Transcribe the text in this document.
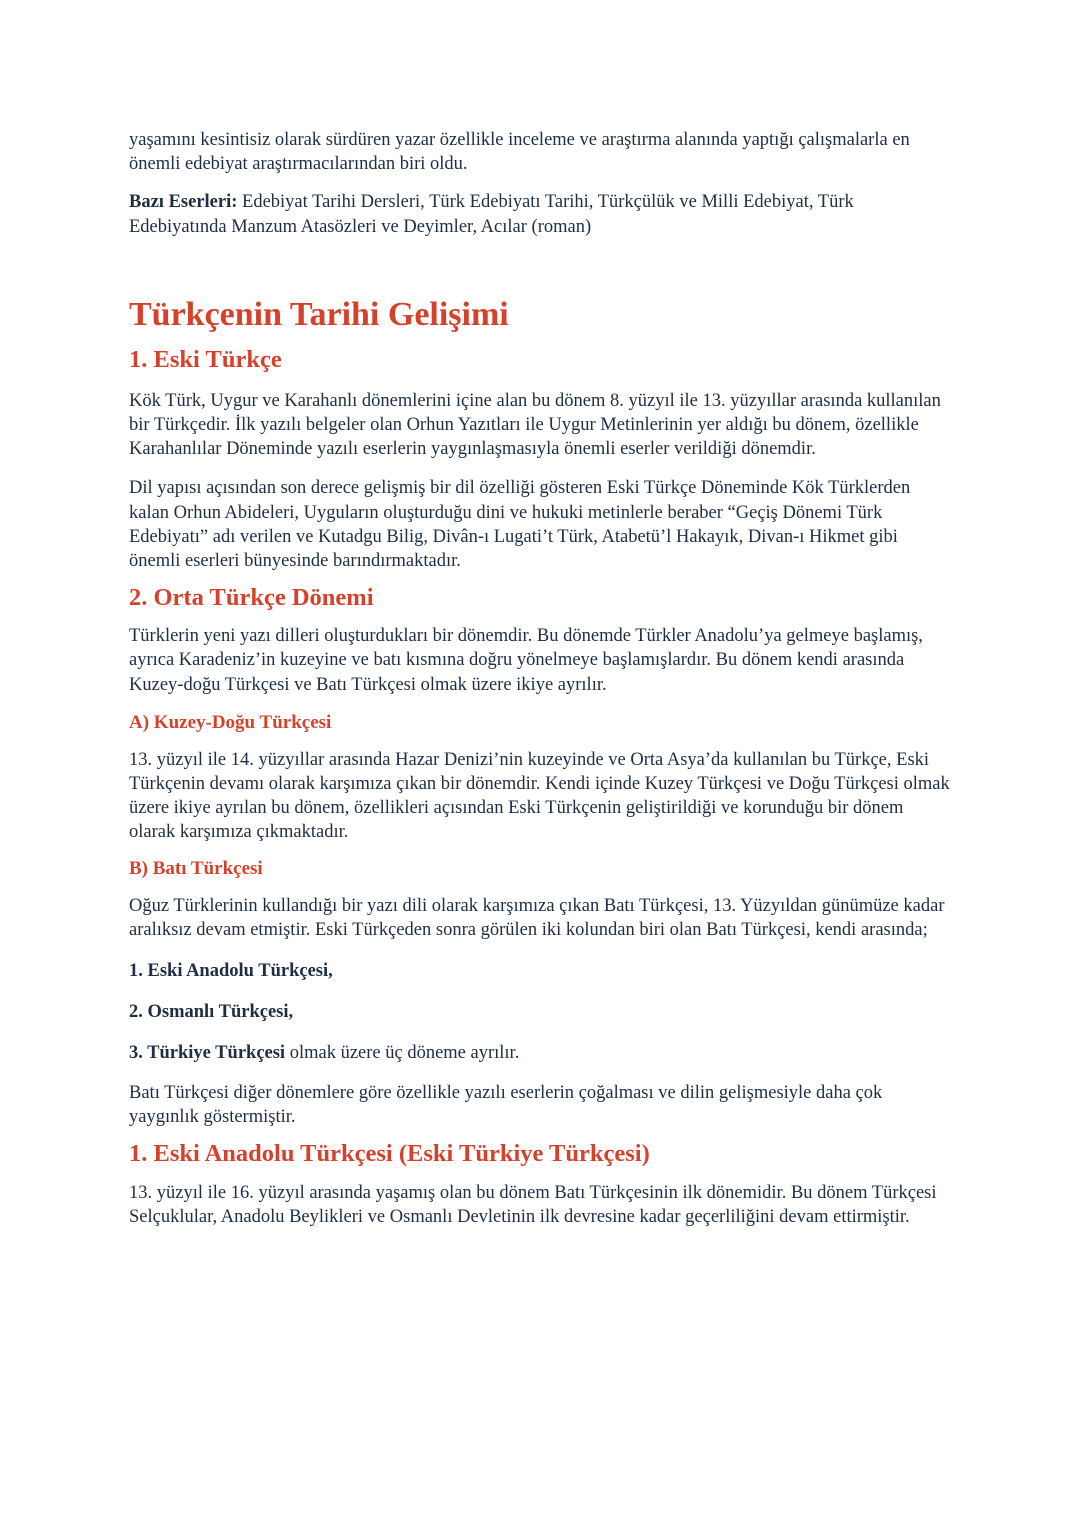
yaşamını kesintisiz olarak sürdüren yazar özellikle inceleme ve araştırma alanında yaptığı çalışmalarla en önemli edebiyat araştırmacılarından biri oldu.

Bazı Eserleri: Edebiyat Tarihi Dersleri, Türk Edebiyatı Tarihi, Türkçülük ve Milli Edebiyat, Türk Edebiyatında Manzum Atasözleri ve Deyimler, Acılar (roman)

Türkçenin Tarihi Gelişimi
1. Eski Türkçe

Kök Türk, Uygur ve Karahanlı dönemlerini içine alan bu dönem 8. yüzyıl ile 13. yüzyıllar arasında kullanılan bir Türkçedir. İlk yazılı belgeler olan Orhun Yazıtları ile Uygur Metinlerinin yer aldığı bu dönem, özellikle Karahanlılar Döneminde yazılı eserlerin yaygınlaşmasıyla önemli eserler verildiği dönemdir.

Dil yapısı açısından son derece gelişmiş bir dil özelliği gösteren Eski Türkçe Döneminde Kök Türklerden kalan Orhun Abideleri, Uyguların oluşturduğu dini ve hukuki metinlerle beraber “Geçiş Dönemi Türk Edebiyatı” adı verilen ve Kutadgu Bilig, Divân-ı Lugati’t Türk, Atabetü’l Hakayık, Divan-ı Hikmet gibi önemli eserleri bünyesinde barındırmaktadır.

2. Orta Türkçe Dönemi

Türklerin yeni yazı dilleri oluşturdukları bir dönemdir. Bu dönemde Türkler Anadolu’ya gelmeye başlamış, ayrıca Karadeniz’in kuzeyine ve batı kısmına doğru yönelmeye başlamışlardır. Bu dönem kendi arasında Kuzey-doğu Türkçesi ve Batı Türkçesi olmak üzere ikiye ayrılır.

A) Kuzey-Doğu Türkçesi

13. yüzyıl ile 14. yüzyıllar arasında Hazar Denizi’nin kuzeyinde ve Orta Asya’da kullanılan bu Türkçe, Eski Türkçenin devamı olarak karşımıza çıkan bir dönemdir. Kendi içinde Kuzey Türkçesi ve Doğu Türkçesi olmak üzere ikiye ayrılan bu dönem, özellikleri açısından Eski Türkçenin geliştirildiği ve korunduğu bir dönem olarak karşımıza çıkmaktadır.

B) Batı Türkçesi

Oğuz Türklerinin kullandığı bir yazı dili olarak karşımıza çıkan Batı Türkçesi, 13. Yüzyıldan günümüze kadar aralıksız devam etmiştir. Eski Türkçeden sonra görülen iki kolundan biri olan Batı Türkçesi, kendi arasında;

1. Eski Anadolu Türkçesi,

2. Osmanlı Türkçesi,

3. Türkiye Türkçesi olmak üzere üç döneme ayrılır.

Batı Türkçesi diğer dönemlere göre özellikle yazılı eserlerin çoğalması ve dilin gelişmesiyle daha çok yaygınlık göstermiştir.

1. Eski Anadolu Türkçesi (Eski Türkiye Türkçesi)

13. yüzyıl ile 16. yüzyıl arasında yaşamış olan bu dönem Batı Türkçesinin ilk dönemidir. Bu dönem Türkçesi Selçuklular, Anadolu Beylikleri ve Osmanlı Devletinin ilk devresine kadar geçerliliğini devam ettirmiştir.
